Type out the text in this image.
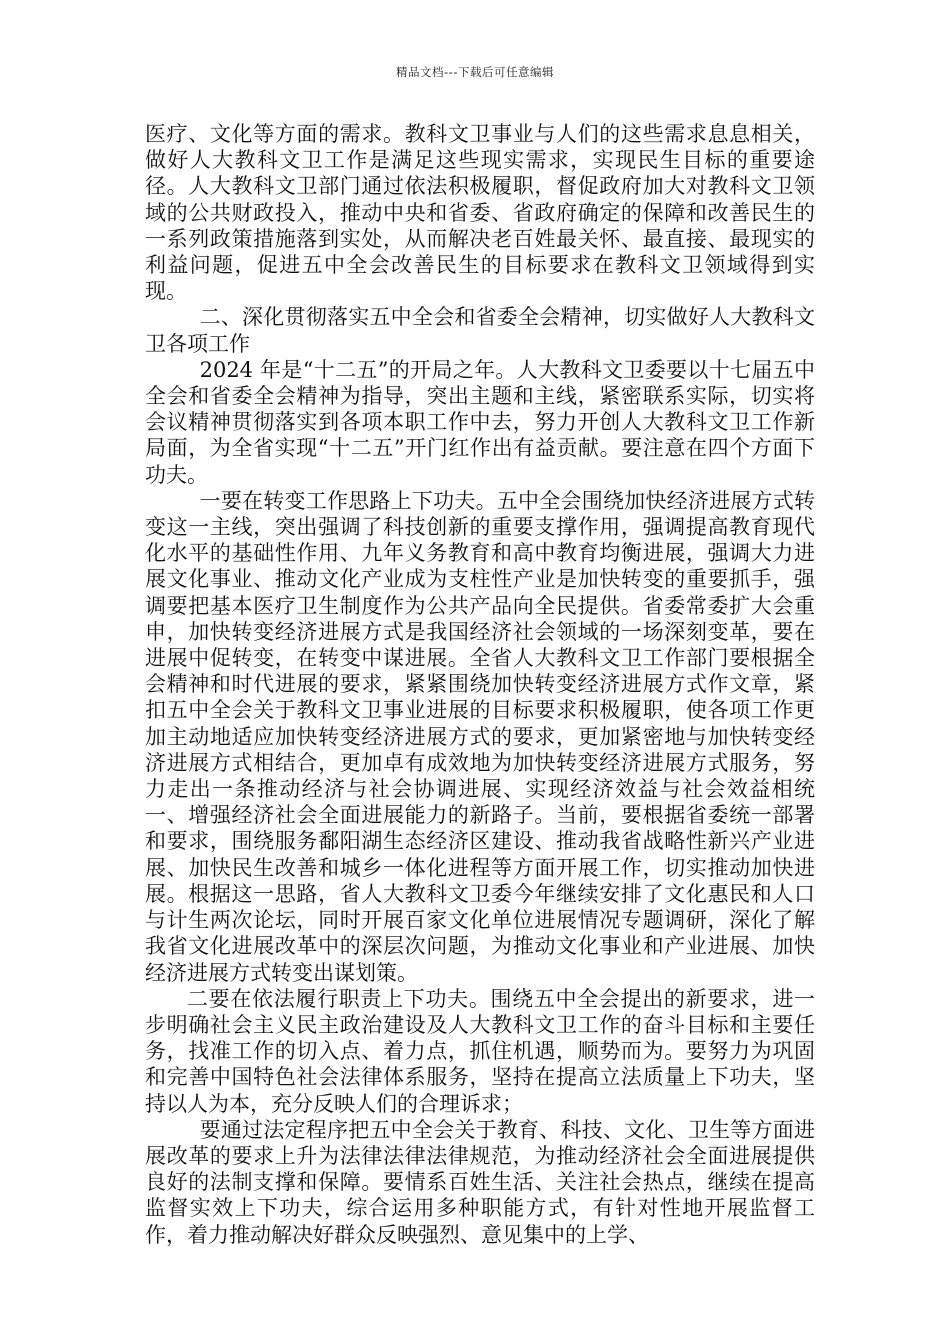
精品文档---下载后可任意编辑

医疗、文化等方面的需求。教科文卫事业与人们的这些需求息息相关，做好人大教科文卫工作是满足这些现实需求，实现民生目标的重要途径。人大教科文卫部门通过依法积极履职，督促政府加大对教科文卫领域的公共财政投入，推动中央和省委、省政府确定的保障和改善民生的一系列政策措施落到实处，从而解决老百姓最关怀、最直接、最现实的利益问题，促进五中全会改善民生的目标要求在教科文卫领域得到实现。

二、深化贯彻落实五中全会和省委全会精神，切实做好人大教科文卫各项工作

2024 年是“十二五”的开局之年。人大教科文卫委要以十七届五中全会和省委全会精神为指导，突出主题和主线，紧密联系实际，切实将会议精神贯彻落实到各项本职工作中去，努力开创人大教科文卫工作新局面，为全省实现“十二五”开门红作出有益贡献。要注意在四个方面下功夫。

一要在转变工作思路上下功夫。五中全会围绕加快经济进展方式转变这一主线，突出强调了科技创新的重要支撑作用，强调提高教育现代化水平的基础性作用、九年义务教育和高中教育均衡进展，强调大力进展文化事业、推动文化产业成为支柱性产业是加快转变的重要抓手，强调要把基本医疗卫生制度作为公共产品向全民提供。省委常委扩大会重申，加快转变经济进展方式是我国经济社会领域的一场深刻变革，要在进展中促转变，在转变中谋进展。全省人大教科文卫工作部门要根据全会精神和时代进展的要求，紧紧围绕加快转变经济进展方式作文章，紧扣五中全会关于教科文卫事业进展的目标要求积极履职，使各项工作更加主动地适应加快转变经济进展方式的要求，更加紧密地与加快转变经济进展方式相结合，更加卓有成效地为加快转变经济进展方式服务，努力走出一条推动经济与社会协调进展、实现经济效益与社会效益相统一、增强经济社会全面进展能力的新路子。当前，要根据省委统一部署和要求，围绕服务鄱阳湖生态经济区建设、推动我省战略性新兴产业进展、加快民生改善和城乡一体化进程等方面开展工作，切实推动加快进展。根据这一思路，省人大教科文卫委今年继续安排了文化惠民和人口与计生两次论坛，同时开展百家文化单位进展情况专题调研，深化了解我省文化进展改革中的深层次问题，为推动文化事业和产业进展、加快经济进展方式转变出谋划策。

二要在依法履行职责上下功夫。围绕五中全会提出的新要求，进一步明确社会主义民主政治建设及人大教科文卫工作的奋斗目标和主要任务，找准工作的切入点、着力点，抓住机遇，顺势而为。要努力为巩固和完善中国特色社会法律体系服务，坚持在提高立法质量上下功夫，坚持以人为本，充分反映人们的合理诉求；

要通过法定程序把五中全会关于教育、科技、文化、卫生等方面进展改革的要求上升为法律法律法律规范，为推动经济社会全面进展提供良好的法制支撑和保障。要情系百姓生活、关注社会热点，继续在提高监督实效上下功夫，综合运用多种职能方式，有针对性地开展监督工作，着力推动解决好群众反映强烈、意见集中的上学、
